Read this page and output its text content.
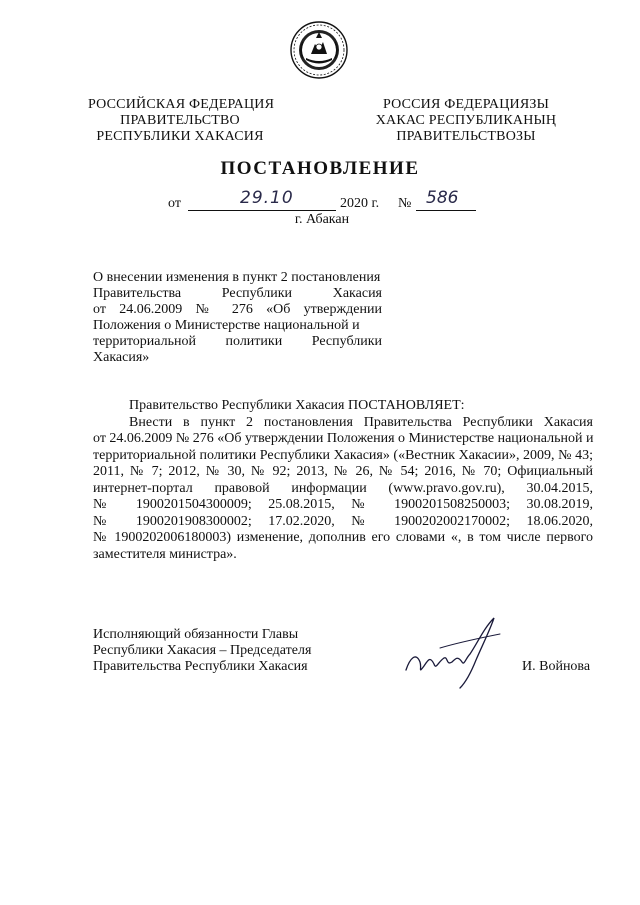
РОССИЙСКАЯ ФЕДЕРАЦИЯ
ПРАВИТЕЛЬСТВО
РЕСПУБЛИКИ ХАКАСИЯ
РОССИЯ ФЕДЕРАЦИЯЗЫ
ХАКАС РЕСПУБЛИКАНЫҢ
ПРАВИТЕЛЬСТВОЗЫ
ПОСТАНОВЛЕНИЕ
от	29.10	2020 г. № 586
г. Абакан
О внесении изменения в пункт 2 постановления
Правительства Республики Хакасия
от 24.06.2009 № 276 «Об утверждении
Положения о Министерстве национальной и
территориальной политики Республики
Хакасия»
Правительство Республики Хакасия ПОСТАНОВЛЯЕТ:
Внести в пункт 2 постановления Правительства Республики Хакасия
от 24.06.2009 № 276 «Об утверждении Положения о Министерстве национальной и
территориальной политики Республики Хакасия» («Вестник Хакасии», 2009, № 43;
2011, № 7; 2012, № 30, № 92; 2013, № 26, № 54; 2016, № 70; Официальный
интернет-портал правовой информации (www.pravo.gov.ru), 30.04.2015,
№ 1900201504300009; 25.08.2015, № 1900201508250003; 30.08.2019,
№ 1900201908300002; 17.02.2020, № 1900202002170002; 18.06.2020,
№ 1900202006180003) изменение, дополнив его словами «, в том числе первого
заместителя министра».
Исполняющий обязанности Главы
Республики Хакасия – Председателя
Правительства Республики Хакасия	И. Войнова
